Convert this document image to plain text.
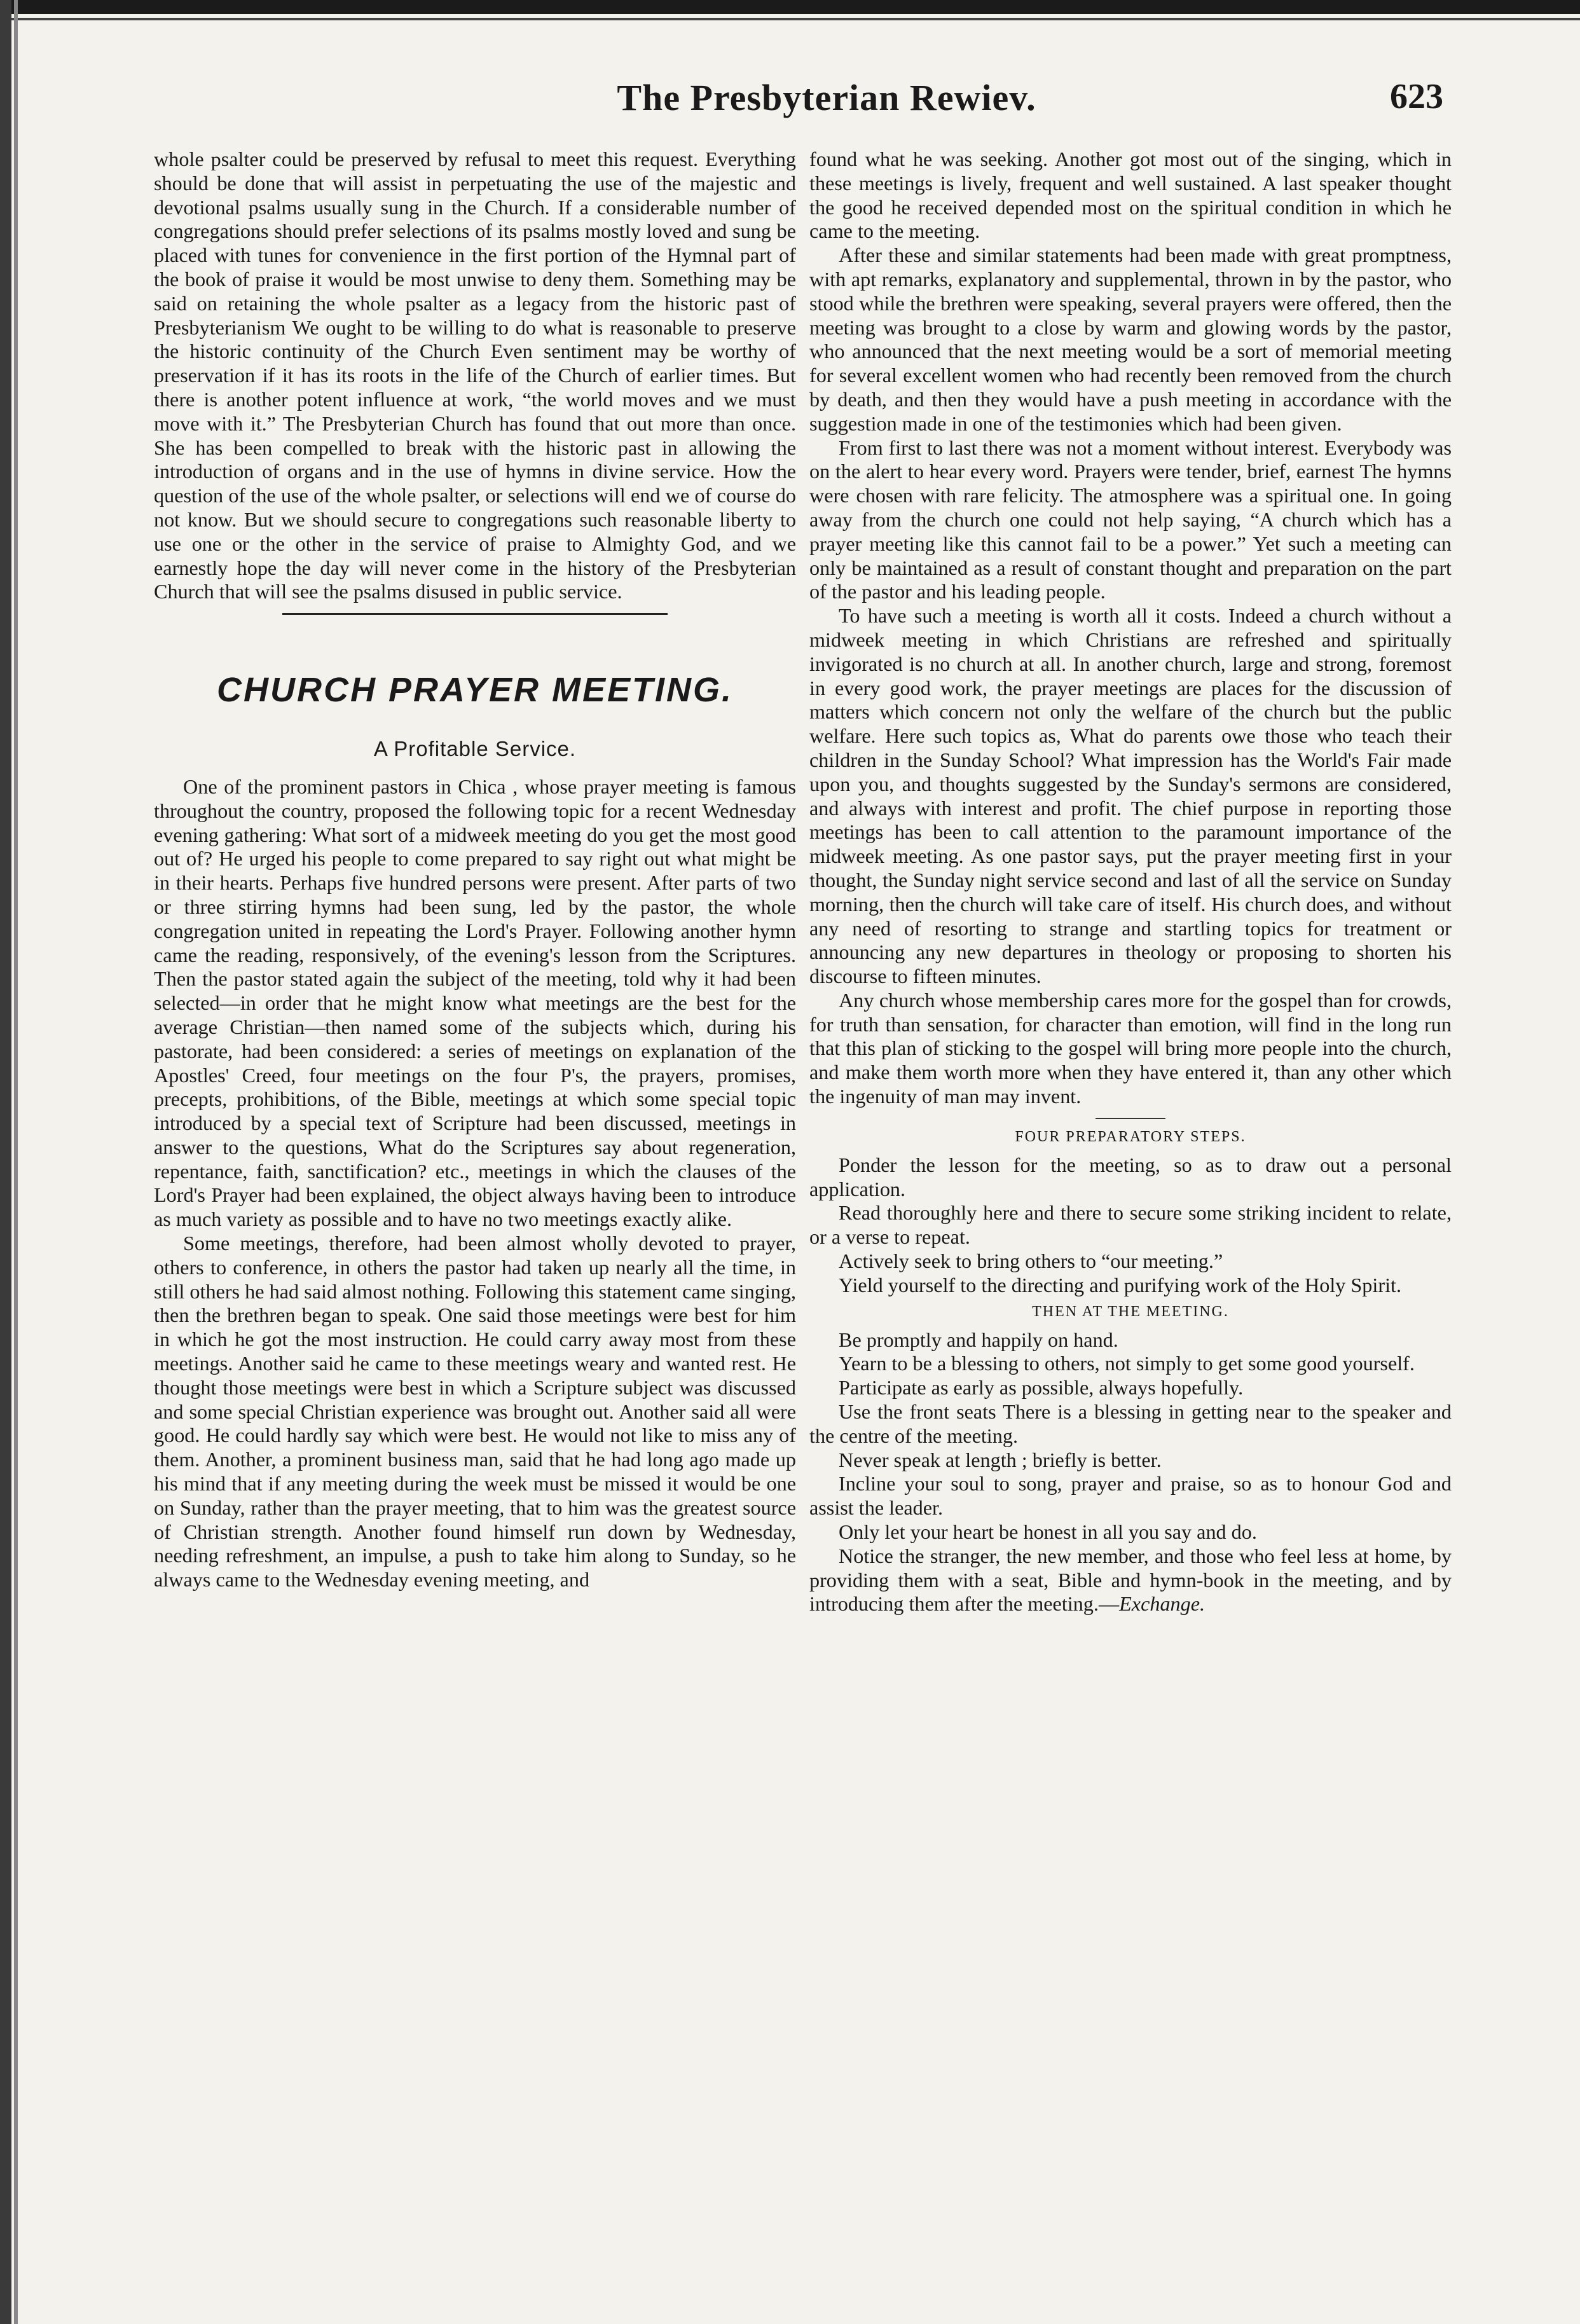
The Presbyterian Rewiev.	623

whole psalter could be preserved by refusal to meet this request. Everything should be done that will assist in perpetuating the use of the majestic and devotional psalms usually sung in the Church. If a considerable number of congregations should prefer selections of its psalms mostly loved and sung be placed with tunes for convenience in the first portion of the Hymnal part of the book of praise it would be most unwise to deny them. Something may be said on retaining the whole psalter as a legacy from the historic past of Presbyterianism We ought to be willing to do what is reasonable to preserve the historic continuity of the Church Even sentiment may be worthy of preservation if it has its roots in the life of the Church of earlier times. But there is another potent influence at work, “the world moves and we must move with it.” The Presbyterian Church has found that out more than once. She has been compelled to break with the historic past in allowing the introduction of organs and in the use of hymns in divine service. How the question of the use of the whole psalter, or selections will end we of course do not know. But we should secure to congregations such reasonable liberty to use one or the other in the service of praise to Almighty God, and we earnestly hope the day will never come in the history of the Presbyterian Church that will see the psalms disused in public service.

CHURCH PRAYER MEETING.
A Profitable Service.

One of the prominent pastors in Chica , whose prayer meeting is famous throughout the country, proposed the following topic for a recent Wednesday evening gathering: What sort of a midweek meeting do you get the most good out of? He urged his people to come prepared to say right out what might be in their hearts. Perhaps five hundred persons were present. After parts of two or three stirring hymns had been sung, led by the pastor, the whole congregation united in repeating the Lord's Prayer. Following another hymn came the reading, responsively, of the evening's lesson from the Scriptures. Then the pastor stated again the subject of the meeting, told why it had been selected—in order that he might know what meetings are the best for the average Christian—then named some of the subjects which, during his pastorate, had been considered: a series of meetings on explanation of the Apostles' Creed, four meetings on the four P's, the prayers, promises, precepts, prohibitions, of the Bible, meetings at which some special topic introduced by a special text of Scripture had been discussed, meetings in answer to the questions, What do the Scriptures say about regeneration, repentance, faith, sanctification? etc., meetings in which the clauses of the Lord's Prayer had been explained, the object always having been to introduce as much variety as possible and to have no two meetings exactly alike.

Some meetings, therefore, had been almost wholly devoted to prayer, others to conference, in others the pastor had taken up nearly all the time, in still others he had said almost nothing. Following this statement came singing, then the brethren began to speak. One said those meetings were best for him in which he got the most instruction. He could carry away most from these meetings. Another said he came to these meetings weary and wanted rest. He thought those meetings were best in which a Scripture subject was discussed and some special Christian experience was brought out. Another said all were good. He could hardly say which were best. He would not like to miss any of them. Another, a prominent business man, said that he had long ago made up his mind that if any meeting during the week must be missed it would be one on Sunday, rather than the prayer meeting, that to him was the greatest source of Christian strength. Another found himself run down by Wednesday, needing refreshment, an impulse, a push to take him along to Sunday, so he always came to the Wednesday evening meeting, and

found what he was seeking. Another got most out of the singing, which in these meetings is lively, frequent and well sustained. A last speaker thought the good he received depended most on the spiritual condition in which he came to the meeting.

After these and similar statements had been made with great promptness, with apt remarks, explanatory and supplemental, thrown in by the pastor, who stood while the brethren were speaking, several prayers were offered, then the meeting was brought to a close by warm and glowing words by the pastor, who announced that the next meeting would be a sort of memorial meeting for several excellent women who had recently been removed from the church by death, and then they would have a push meeting in accordance with the suggestion made in one of the testimonies which had been given.

From first to last there was not a moment without interest. Everybody was on the alert to hear every word. Prayers were tender, brief, earnest The hymns were chosen with rare felicity. The atmosphere was a spiritual one. In going away from the church one could not help saying, “A church which has a prayer meeting like this cannot fail to be a power.” Yet such a meeting can only be maintained as a result of constant thought and preparation on the part of the pastor and his leading people.

To have such a meeting is worth all it costs. Indeed a church without a midweek meeting in which Christians are refreshed and spiritually invigorated is no church at all. In another church, large and strong, foremost in every good work, the prayer meetings are places for the discussion of matters which concern not only the welfare of the church but the public welfare. Here such topics as, What do parents owe those who teach their children in the Sunday School? What impression has the World's Fair made upon you, and thoughts suggested by the Sunday's sermons are considered, and always with interest and profit. The chief purpose in reporting those meetings has been to call attention to the paramount importance of the midweek meeting. As one pastor says, put the prayer meeting first in your thought, the Sunday night service second and last of all the service on Sunday morning, then the church will take care of itself. His church does, and without any need of resorting to strange and startling topics for treatment or announcing any new departures in theology or proposing to shorten his discourse to fifteen minutes.

Any church whose membership cares more for the gospel than for crowds, for truth than sensation, for character than emotion, will find in the long run that this plan of sticking to the gospel will bring more people into the church, and make them worth more when they have entered it, than any other which the ingenuity of man may invent.

FOUR PREPARATORY STEPS.

Ponder the lesson for the meeting, so as to draw out a personal application.

Read thoroughly here and there to secure some striking incident to relate, or a verse to repeat.

Actively seek to bring others to “our meeting.”

Yield yourself to the directing and purifying work of the Holy Spirit.

THEN AT THE MEETING.

Be promptly and happily on hand.

Yearn to be a blessing to others, not simply to get some good yourself.

Participate as early as possible, always hopefully.

Use the front seats There is a blessing in getting near to the speaker and the centre of the meeting.

Never speak at length ; briefly is better.

Incline your soul to song, prayer and praise, so as to honour God and assist the leader.

Only let your heart be honest in all you say and do.

Notice the stranger, the new member, and those who feel less at home, by providing them with a seat, Bible and hymn-book in the meeting, and by introducing them after the meeting.—Exchange.
